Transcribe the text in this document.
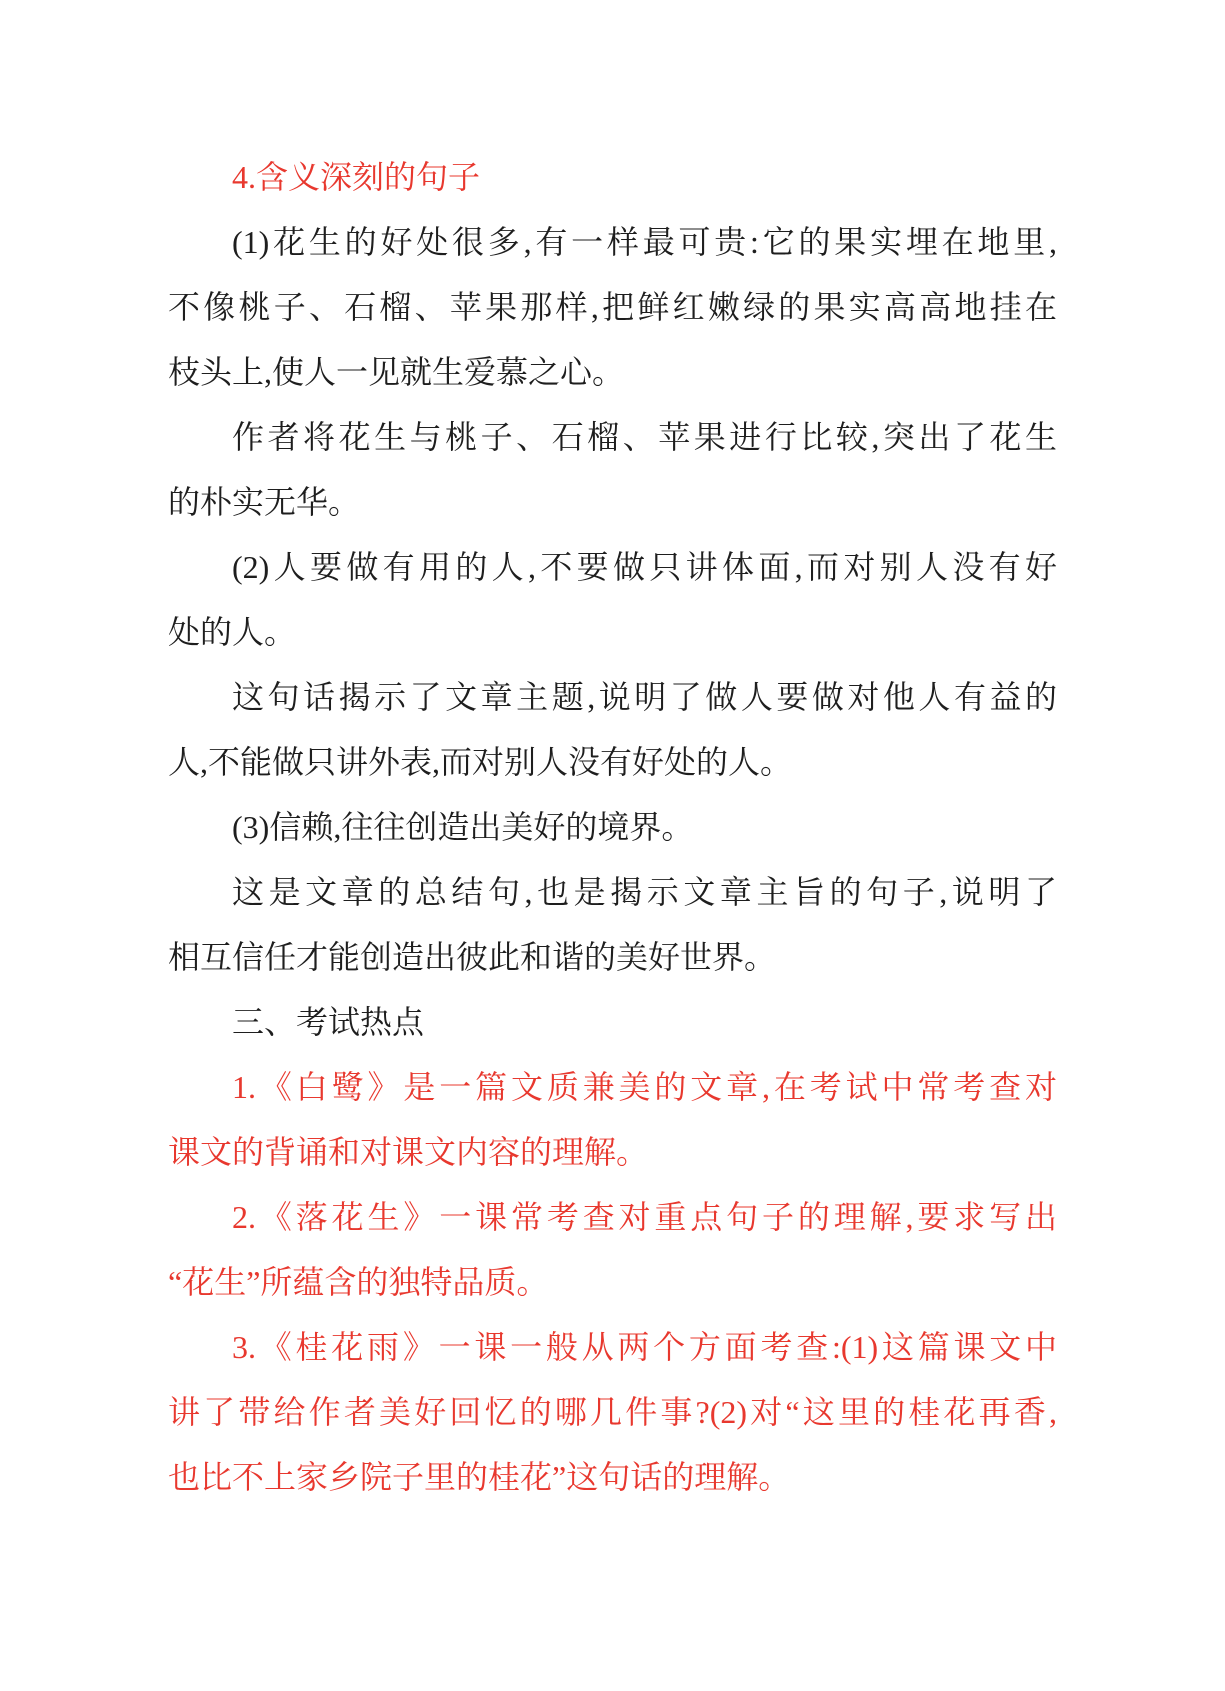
4.含义深刻的句子
(1)花生的好处很多,有一样最可贵:它的果实埋在地里,
不像桃子、石榴、苹果那样,把鲜红嫩绿的果实高高地挂在
枝头上,使人一见就生爱慕之心。
作者将花生与桃子、石榴、苹果进行比较,突出了花生
的朴实无华。
(2)人要做有用的人,不要做只讲体面,而对别人没有好
处的人。
这句话揭示了文章主题,说明了做人要做对他人有益的
人,不能做只讲外表,而对别人没有好处的人。
(3)信赖,往往创造出美好的境界。
这是文章的总结句,也是揭示文章主旨的句子,说明了
相互信任才能创造出彼此和谐的美好世界。
三、考试热点
1.《白鹭》是一篇文质兼美的文章,在考试中常考查对
课文的背诵和对课文内容的理解。
2.《落花生》一课常考查对重点句子的理解,要求写出
“花生”所蕴含的独特品质。
3.《桂花雨》一课一般从两个方面考查:(1)这篇课文中
讲了带给作者美好回忆的哪几件事?(2)对“这里的桂花再香,
也比不上家乡院子里的桂花”这句话的理解。
